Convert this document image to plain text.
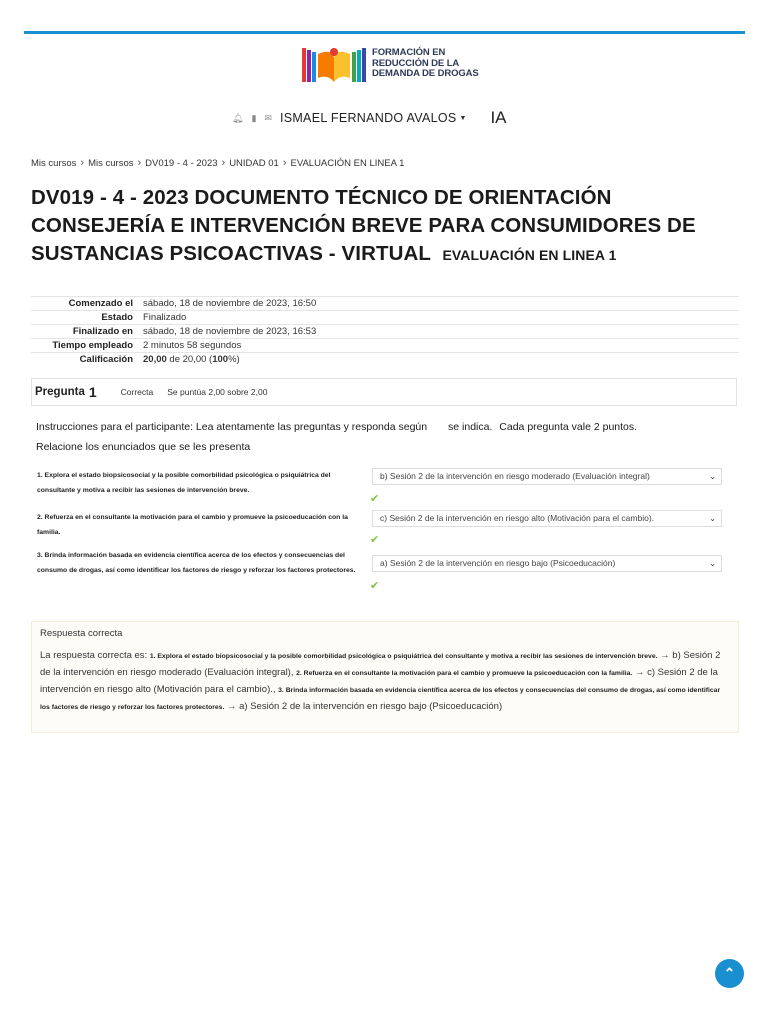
FORMACIÓN EN
REDUCCIÓN DE LA
DEMANDA DE DROGAS
🔔︎ ▮ ✉ ISMAEL FERNANDO AVALOS ▼ IA
Mis cursos › Mis cursos › DV019 - 4 - 2023 › UNIDAD 01 › EVALUACIÓN EN LINEA 1
DV019 - 4 - 2023 DOCUMENTO TÉCNICO DE ORIENTACIÓN CONSEJERÍA E INTERVENCIÓN BREVE PARA CONSUMIDORES DE SUSTANCIAS PSICOACTIVAS - VIRTUAL EVALUACIÓN EN LINEA 1
Comenzado el	sábado, 18 de noviembre de 2023, 16:50
Estado	Finalizado
Finalizado en	sábado, 18 de noviembre de 2023, 16:53
Tiempo empleado	2 minutos 58 segundos
Calificación	20,00 de 20,00 (100%)
Pregunta 1	Correcta Se puntúa 2,00 sobre 2,00
Instrucciones para el participante: Lea atentamente las preguntas y responda según se indica. Cada pregunta vale 2 puntos.
Relacione los enunciados que se les presenta
1. Explora el estado biopsicosocial y la posible comorbilidad psicológica o psiquiátrica del consultante y motiva a recibir las sesiones de intervención breve.
b) Sesión 2 de la intervención en riesgo moderado (Evaluación integral)	⌄
✔
2. Refuerza en el consultante la motivación para el cambio y promueve la psicoeducación con la familia.
c) Sesión 2 de la intervención en riesgo alto (Motivación para el cambio).	⌄
✔
3. Brinda información basada en evidencia científica acerca de los efectos y consecuencias del consumo de drogas, así como identificar los factores de riesgo y reforzar los factores protectores.
a) Sesión 2 de la intervención en riesgo bajo (Psicoeducación)	⌄
✔
Respuesta correcta
La respuesta correcta es: 1. Explora el estado biopsicosocial y la posible comorbilidad psicológica o psiquiátrica del consultante y motiva a recibir las sesiones de intervención breve. → b) Sesión 2 de la intervención en riesgo moderado (Evaluación integral), 2. Refuerza en el consultante la motivación para el cambio y promueve la psicoeducación con la familia. → c) Sesión 2 de la intervención en riesgo alto (Motivación para el cambio)., 3. Brinda información basada en evidencia científica acerca de los efectos y consecuencias del consumo de drogas, así como identificar los factores de riesgo y reforzar los factores protectores. → a) Sesión 2 de la intervención en riesgo bajo (Psicoeducación)
⌃
